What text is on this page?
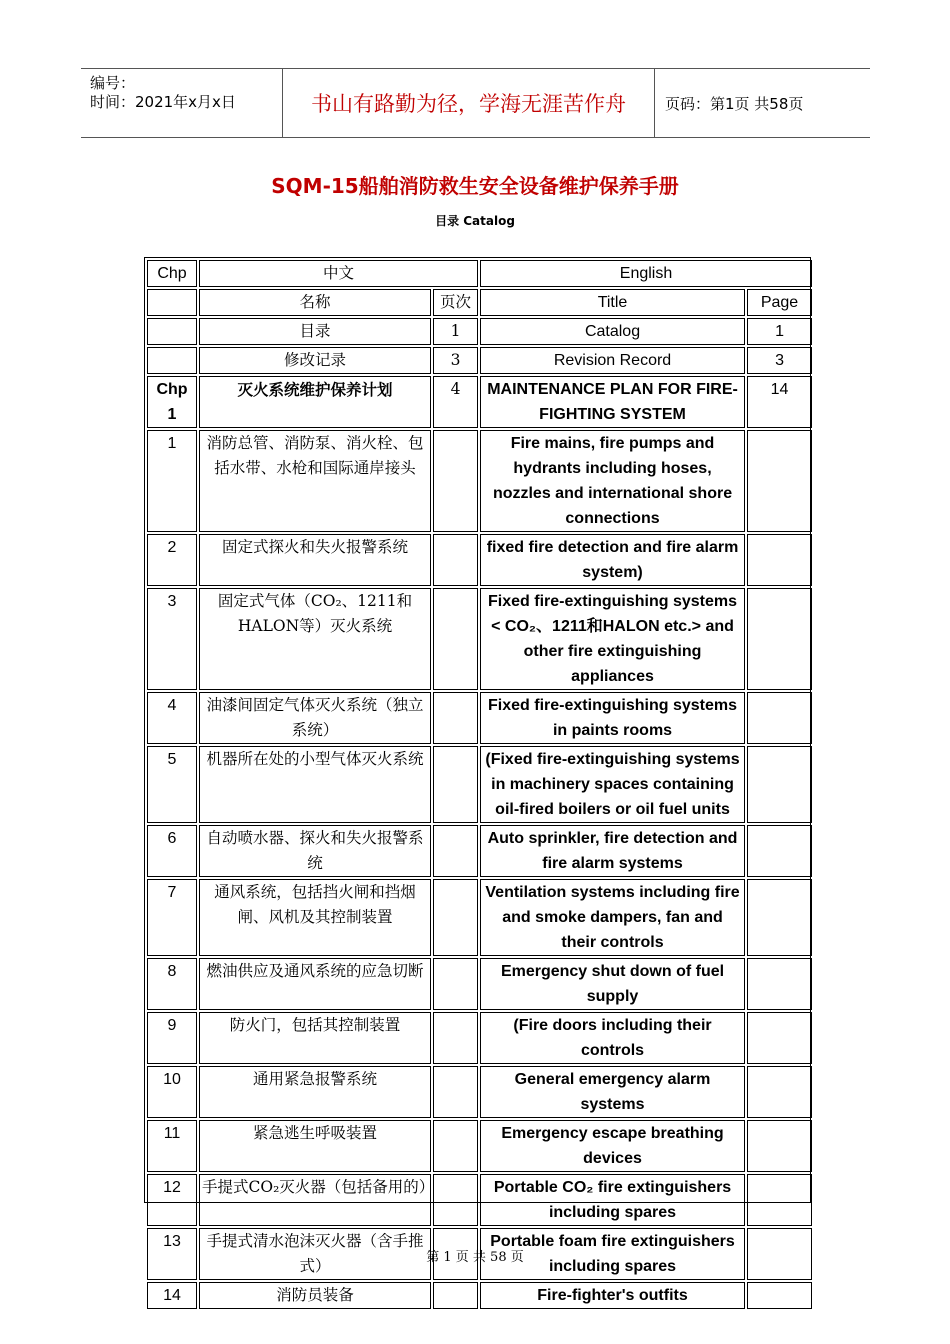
编号：
时间：2021年x月x日	书山有路勤为径，学海无涯苦作舟	页码：第1页 共58页
SQM-15船舶消防救生安全设备维护保养手册
目录 Catalog
Chp	中文		English	
	名称	页次	Title	Page
	目录	1	Catalog	1
	修改记录	3	Revision Record	3
Chp 1	灭火系统维护保养计划	4	MAINTENANCE PLAN FOR FIRE-FIGHTING SYSTEM	14
1	消防总管、消防泵、消火栓、包括水带、水枪和国际通岸接头		Fire mains, fire pumps and hydrants including hoses, nozzles and international shore connections	
2	固定式探火和失火报警系统		fixed fire detection and fire alarm system)	
3	固定式气体（CO₂、1211和HALON等）灭火系统		Fixed fire-extinguishing systems < CO₂、1211和HALON etc.> and other fire extinguishing appliances	
4	油漆间固定气体灭火系统（独立系统）		Fixed fire-extinguishing systems in paints rooms	
5	机器所在处的小型气体灭火系统		(Fixed fire-extinguishing systems in machinery spaces containing oil-fired boilers or oil fuel units	
6	自动喷水器、探火和失火报警系统		Auto sprinkler, fire detection and fire alarm systems	
7	通风系统，包括挡火闸和挡烟闸、风机及其控制装置		Ventilation systems including fire and smoke dampers, fan and their controls	
8	燃油供应及通风系统的应急切断		Emergency shut down of fuel supply	
9	防火门，包括其控制装置		(Fire doors including their controls	
10	通用紧急报警系统		General emergency alarm systems	
11	紧急逃生呼吸装置		Emergency escape breathing devices	
12	手提式CO₂灭火器（包括备用的）		Portable CO₂ fire extinguishers including spares	
13	手提式清水泡沫灭火器（含手推式）		Portable foam fire extinguishers including spares	
14	消防员装备		Fire-fighter's outfits	
第 1 页 共 58 页
